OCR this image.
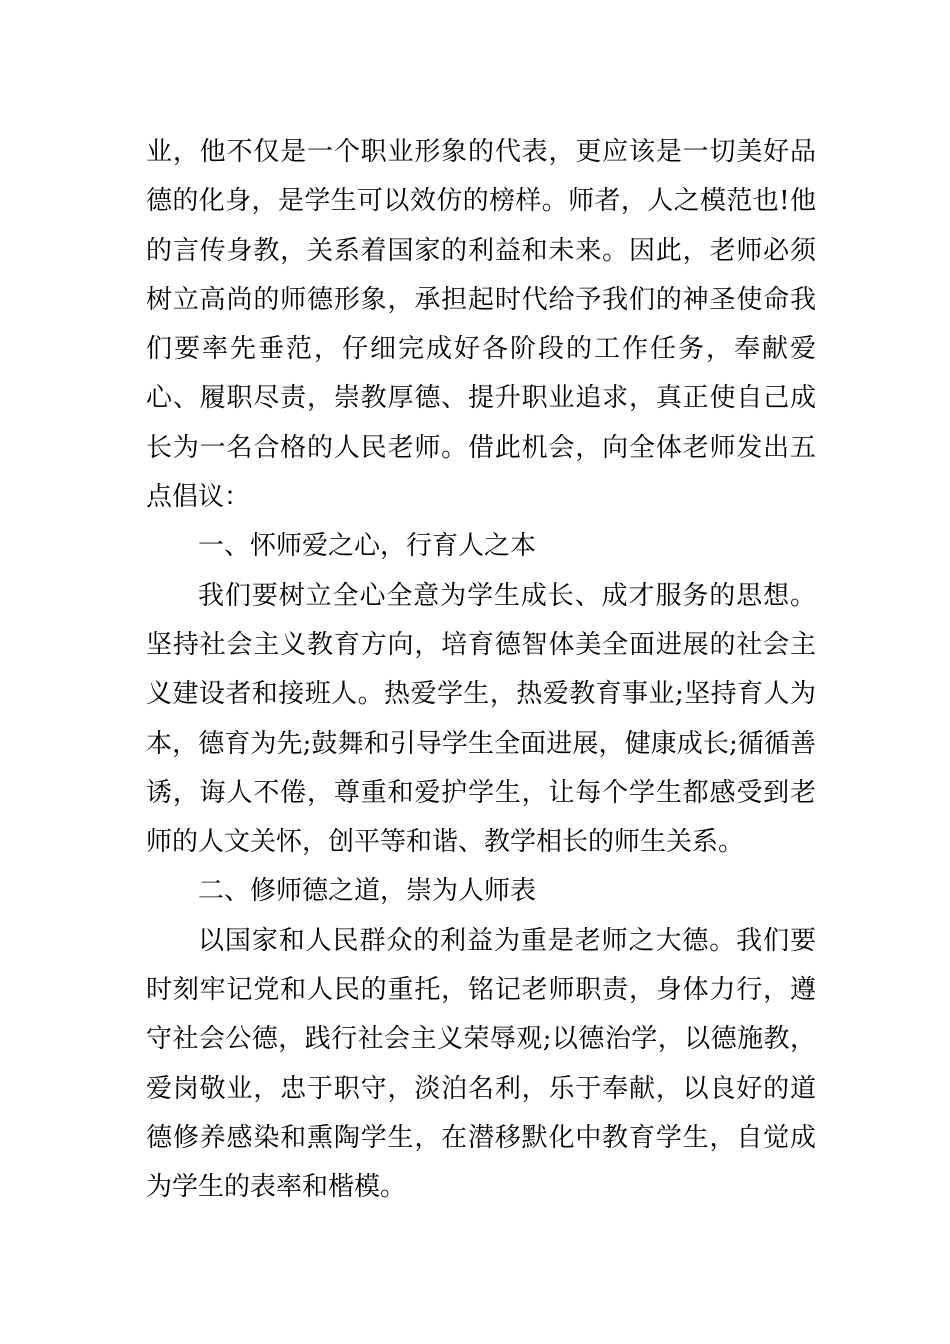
业，他不仅是一个职业形象的代表，更应该是一切美好品德的化身，是学生可以效仿的榜样。师者，人之模范也!他的言传身教，关系着国家的利益和未来。因此，老师必须树立高尚的师德形象，承担起时代给予我们的神圣使命我们要率先垂范，仔细完成好各阶段的工作任务，奉献爱心、履职尽责，崇教厚德、提升职业追求，真正使自己成长为一名合格的人民老师。借此机会，向全体老师发出五点倡议：

一、怀师爱之心，行育人之本

我们要树立全心全意为学生成长、成才服务的思想。坚持社会主义教育方向，培育德智体美全面进展的社会主义建设者和接班人。热爱学生，热爱教育事业;坚持育人为本，德育为先;鼓舞和引导学生全面进展，健康成长;循循善诱，诲人不倦，尊重和爱护学生，让每个学生都感受到老师的人文关怀，创平等和谐、教学相长的师生关系。

二、修师德之道，崇为人师表

以国家和人民群众的利益为重是老师之大德。我们要时刻牢记党和人民的重托，铭记老师职责，身体力行，遵守社会公德，践行社会主义荣辱观;以德治学，以德施教，爱岗敬业，忠于职守，淡泊名利，乐于奉献，以良好的道德修养感染和熏陶学生，在潜移默化中教育学生，自觉成为学生的表率和楷模。
